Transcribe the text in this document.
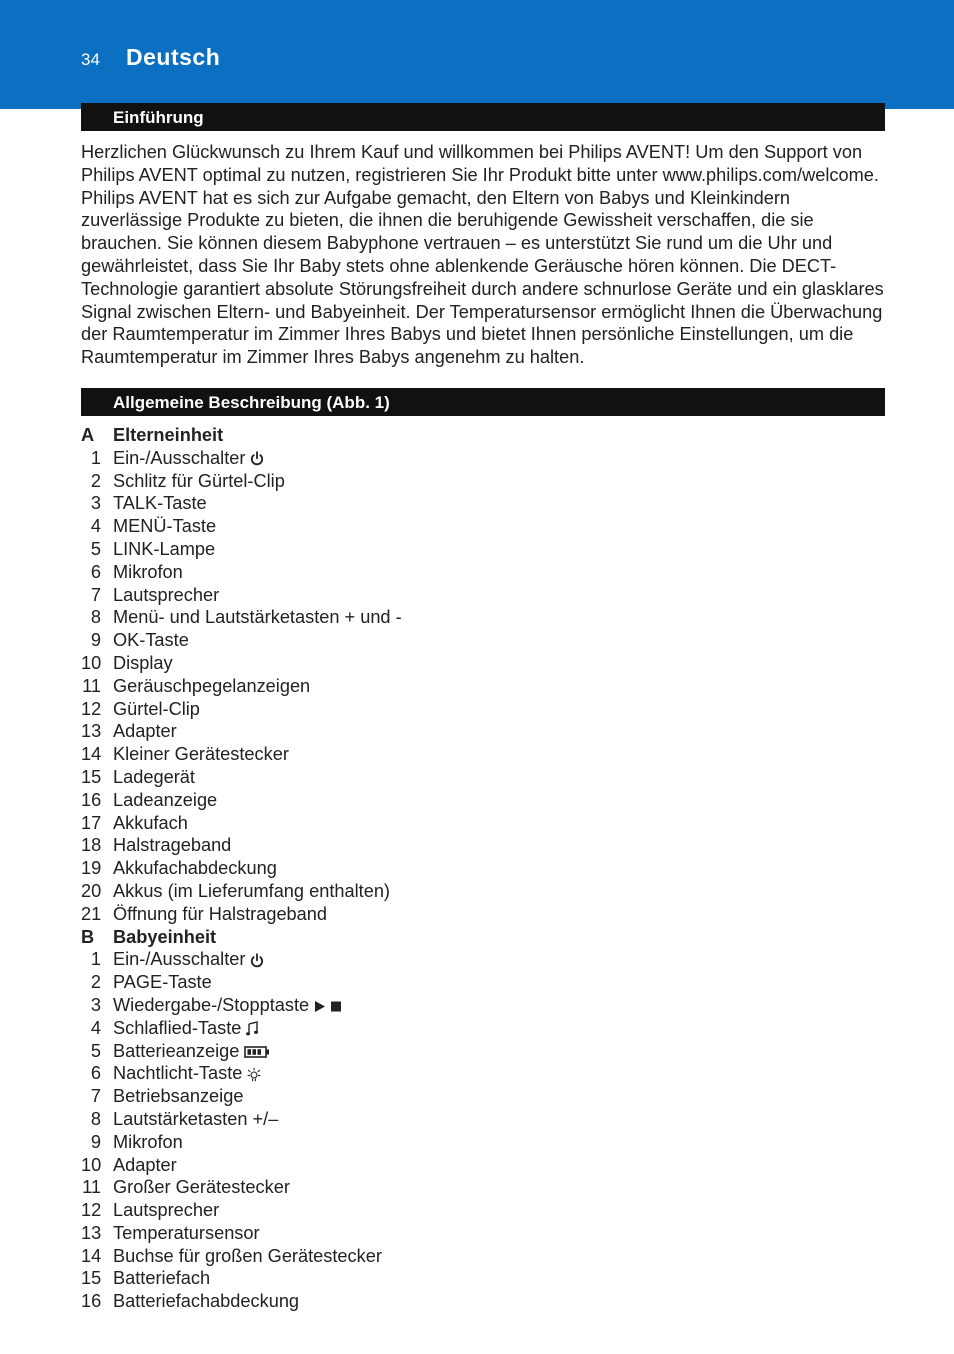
34 Deutsch
Einführung

Herzlichen Glückwunsch zu Ihrem Kauf und willkommen bei Philips AVENT! Um den Support von Philips AVENT optimal zu nutzen, registrieren Sie Ihr Produkt bitte unter www.philips.com/welcome. Philips AVENT hat es sich zur Aufgabe gemacht, den Eltern von Babys und Kleinkindern zuverlässige Produkte zu bieten, die ihnen die beruhigende Gewissheit verschaffen, die sie brauchen. Sie können diesem Babyphone vertrauen – es unterstützt Sie rund um die Uhr und gewährleistet, dass Sie Ihr Baby stets ohne ablenkende Geräusche hören können. Die DECT-Technologie garantiert absolute Störungsfreiheit durch andere schnurlose Geräte und ein glasklares Signal zwischen Eltern- und Babyeinheit. Der Temperatursensor ermöglicht Ihnen die Überwachung der Raumtemperatur im Zimmer Ihres Babys und bietet Ihnen persönliche Einstellungen, um die Raumtemperatur im Zimmer Ihres Babys angenehm zu halten.

Allgemeine Beschreibung (Abb. 1)
A	Elterneinheit
1 Ein-/Ausschalter
2 Schlitz für Gürtel-Clip
3 TALK-Taste
4 MENÜ-Taste
5 LINK-Lampe
6 Mikrofon
7 Lautsprecher
8 Menü- und Lautstärketasten + und -
9 OK-Taste
10 Display
11 Geräuschpegelanzeigen
12 Gürtel-Clip
13 Adapter
14 Kleiner Gerätestecker
15 Ladegerät
16 Ladeanzeige
17 Akkufach
18 Halstrageband
19 Akkufachabdeckung
20 Akkus (im Lieferumfang enthalten)
21 Öffnung für Halstrageband
B	Babyeinheit
1 Ein-/Ausschalter
2 PAGE-Taste
3 Wiedergabe-/Stopptaste
4 Schlaflied-Taste
5 Batterieanzeige
6 Nachtlicht-Taste
7 Betriebsanzeige
8 Lautstärketasten +/–
9 Mikrofon
10 Adapter
11 Großer Gerätestecker
12 Lautsprecher
13 Temperatursensor
14 Buchse für großen Gerätestecker
15 Batteriefach
16 Batteriefachabdeckung
